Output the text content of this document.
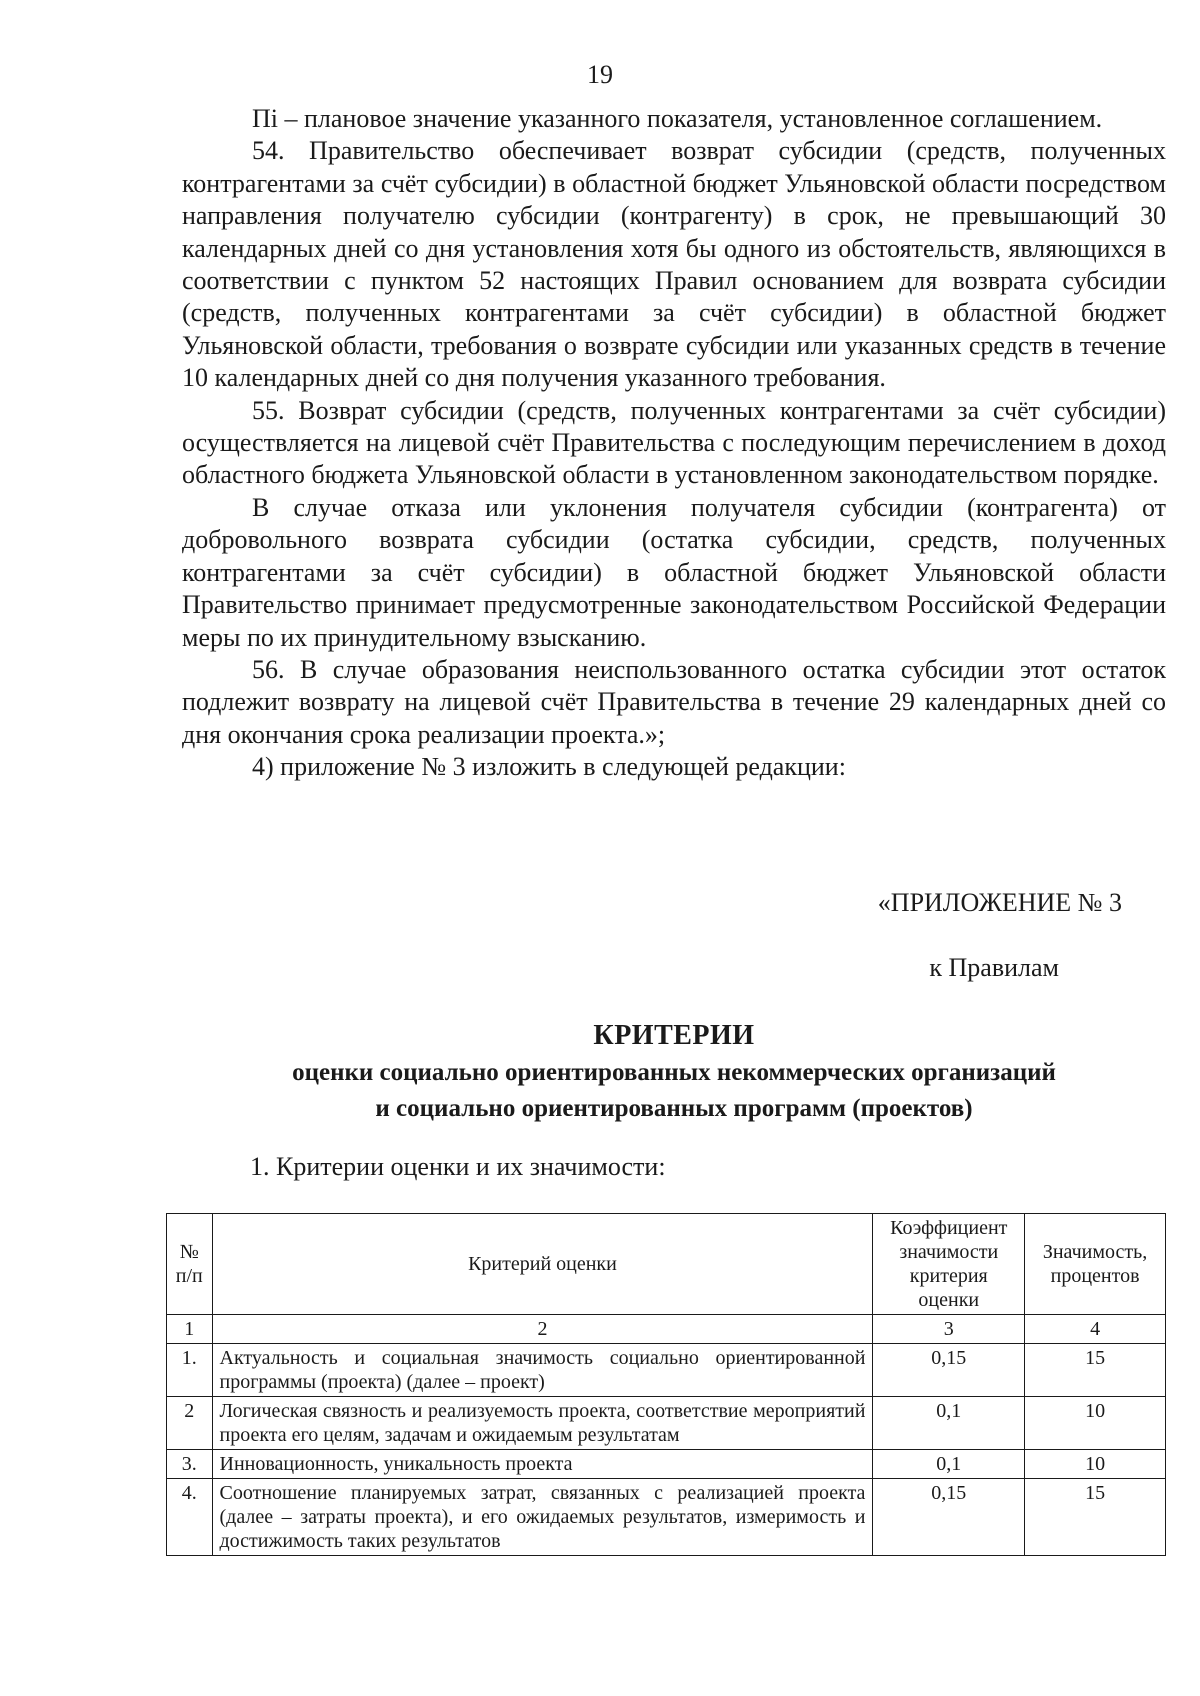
19

Пi – плановое значение указанного показателя, установленное соглашением.

54. Правительство обеспечивает возврат субсидии (средств, полученных контрагентами за счёт субсидии) в областной бюджет Ульяновской области посредством направления получателю субсидии (контрагенту) в срок, не превышающий 30 календарных дней со дня установления хотя бы одного из обстоятельств, являющихся в соответствии с пунктом 52 настоящих Правил основанием для возврата субсидии (средств, полученных контрагентами за счёт субсидии) в областной бюджет Ульяновской области, требования о возврате субсидии или указанных средств в течение 10 календарных дней со дня получения указанного требования.

55. Возврат субсидии (средств, полученных контрагентами за счёт субсидии) осуществляется на лицевой счёт Правительства с последующим перечислением в доход областного бюджета Ульяновской области в установленном законодательством порядке.

В случае отказа или уклонения получателя субсидии (контрагента) от добровольного возврата субсидии (остатка субсидии, средств, полученных контрагентами за счёт субсидии) в областной бюджет Ульяновской области Правительство принимает предусмотренные законодательством Российской Федерации меры по их принудительному взысканию.

56. В случае образования неиспользованного остатка субсидии этот остаток подлежит возврату на лицевой счёт Правительства в течение 29 календарных дней со дня окончания срока реализации проекта.»;

4) приложение № 3 изложить в следующей редакции:

«ПРИЛОЖЕНИЕ № 3
к Правилам
КРИТЕРИИ
оценки социально ориентированных некоммерческих организаций
и социально ориентированных программ (проектов)
1. Критерии оценки и их значимости:
№ п/п	Критерий оценки	Коэффициент значимости критерия оценки	Значимость, процентов
1	2	3	4
1.	Актуальность и социальная значимость социально ориентированной программы (проекта) (далее – проект)	0,15	15
2	Логическая связность и реализуемость проекта, соответствие мероприятий проекта его целям, задачам и ожидаемым результатам	0,1	10
3.	Инновационность, уникальность проекта	0,1	10
4.	Соотношение планируемых затрат, связанных с реализацией проекта (далее – затраты проекта), и его ожидаемых результатов, измеримость и достижимость таких результатов	0,15	15
